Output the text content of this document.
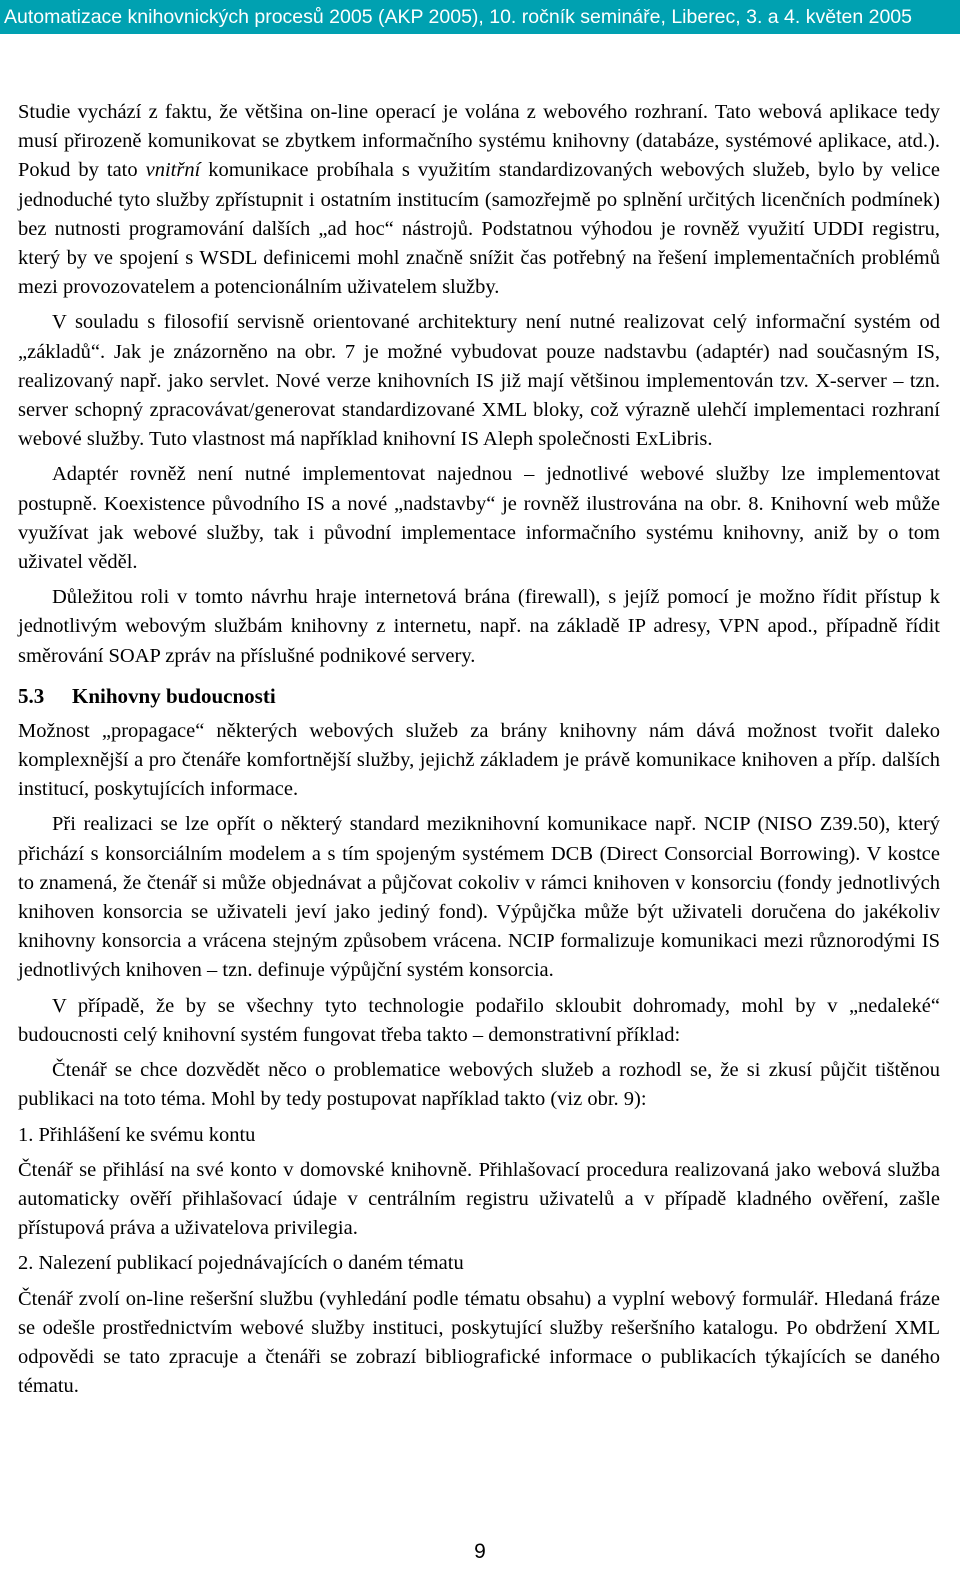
Automatizace knihovnických procesů 2005 (AKP 2005), 10. ročník semináře, Liberec, 3. a 4. květen 2005

Studie vychází z faktu, že většina on-line operací je volána z webového rozhraní. Tato webová aplikace tedy musí přirozeně komunikovat se zbytkem informačního systému knihovny (databáze, systémové aplikace, atd.). Pokud by tato vnitřní komunikace probíhala s využitím standardizovaných webových služeb, bylo by velice jednoduché tyto služby zpřístupnit i ostatním institucím (samozřejmě po splnění určitých licenčních podmínek) bez nutnosti programování dalších „ad hoc“ nástrojů. Podstatnou výhodou je rovněž využití UDDI registru, který by ve spojení s WSDL definicemi mohl značně snížit čas potřebný na řešení implementačních problémů mezi provozovatelem a potencionálním uživatelem služby.

V souladu s filosofií servisně orientované architektury není nutné realizovat celý informační systém od „základů“. Jak je znázorněno na obr. 7 je možné vybudovat pouze nadstavbu (adaptér) nad současným IS, realizovaný např. jako servlet. Nové verze knihovních IS již mají většinou implementován tzv. X-server – tzn. server schopný zpracovávat/generovat standardizované XML bloky, což výrazně ulehčí implementaci rozhraní webové služby. Tuto vlastnost má například knihovní IS Aleph společnosti ExLibris.

Adaptér rovněž není nutné implementovat najednou – jednotlivé webové služby lze implementovat postupně. Koexistence původního IS a nové „nadstavby“ je rovněž ilustrována na obr. 8. Knihovní web může využívat jak webové služby, tak i původní implementace informačního systému knihovny, aniž by o tom uživatel věděl.

Důležitou roli v tomto návrhu hraje internetová brána (firewall), s jejíž pomocí je možno řídit přístup k jednotlivým webovým službám knihovny z internetu, např. na základě IP adresy, VPN apod., případně řídit směrování SOAP zpráv na příslušné podnikové servery.

5.3 Knihovny budoucnosti

Možnost „propagace“ některých webových služeb za brány knihovny nám dává možnost tvořit daleko komplexnější a pro čtenáře komfortnější služby, jejichž základem je právě komunikace knihoven a příp. dalších institucí, poskytujících informace.

Při realizaci se lze opřít o některý standard meziknihovní komunikace např. NCIP (NISO Z39.50), který přichází s konsorciálním modelem a s tím spojeným systémem DCB (Direct Consorcial Borrowing). V kostce to znamená, že čtenář si může objednávat a půjčovat cokoliv v rámci knihoven v konsorciu (fondy jednotlivých knihoven konsorcia se uživateli jeví jako jediný fond). Výpůjčka může být uživateli doručena do jakékoliv knihovny konsorcia a vrácena stejným způsobem vrácena. NCIP formalizuje komunikaci mezi různorodými IS jednotlivých knihoven – tzn. definuje výpůjční systém konsorcia.

V případě, že by se všechny tyto technologie podařilo skloubit dohromady, mohl by v „nedaleké“ budoucnosti celý knihovní systém fungovat třeba takto – demonstrativní příklad:

Čtenář se chce dozvědět něco o problematice webových služeb a rozhodl se, že si zkusí půjčit tištěnou publikaci na toto téma. Mohl by tedy postupovat například takto (viz obr. 9):

1. Přihlášení ke svému kontu

Čtenář se přihlásí na své konto v domovské knihovně. Přihlašovací procedura realizovaná jako webová služba automaticky ověří přihlašovací údaje v centrálním registru uživatelů a v případě kladného ověření, zašle přístupová práva a uživatelova privilegia.

2. Nalezení publikací pojednávajících o daném tématu

Čtenář zvolí on-line rešeršní službu (vyhledání podle tématu obsahu) a vyplní webový formulář. Hledaná fráze se odešle prostřednictvím webové služby instituci, poskytující služby rešeršního katalogu. Po obdržení XML odpovědi se tato zpracuje a čtenáři se zobrazí bibliografické informace o publikacích týkajících se daného tématu.

9
